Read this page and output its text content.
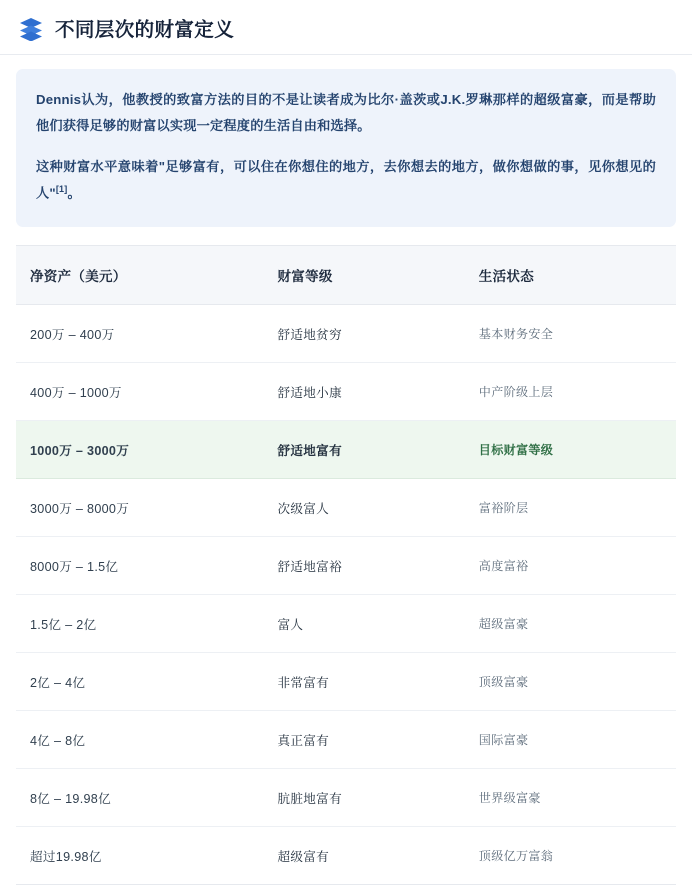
不同层次的财富定义

Dennis认为，他教授的致富方法的目的不是让读者成为比尔·盖茨或J.K.罗琳那样的超级富豪，而是帮助他们获得足够的财富以实现一定程度的生活自由和选择。

这种财富水平意味着"足够富有，可以住在你想住的地方，去你想去的地方，做你想做的事，见你想见的人"[1]。

净资产（美元）	财富等级	生活状态
200万 – 400万	舒适地贫穷	基本财务安全
400万 – 1000万	舒适地小康	中产阶级上层
1000万 – 3000万	舒适地富有	目标财富等级
3000万 – 8000万	次级富人	富裕阶层
8000万 – 1.5亿	舒适地富裕	高度富裕
1.5亿 – 2亿	富人	超级富豪
2亿 – 4亿	非常富有	顶级富豪
4亿 – 8亿	真正富有	国际富豪
8亿 – 19.98亿	肮脏地富有	世界级富豪
超过19.98亿	超级富有	顶级亿万富翁
